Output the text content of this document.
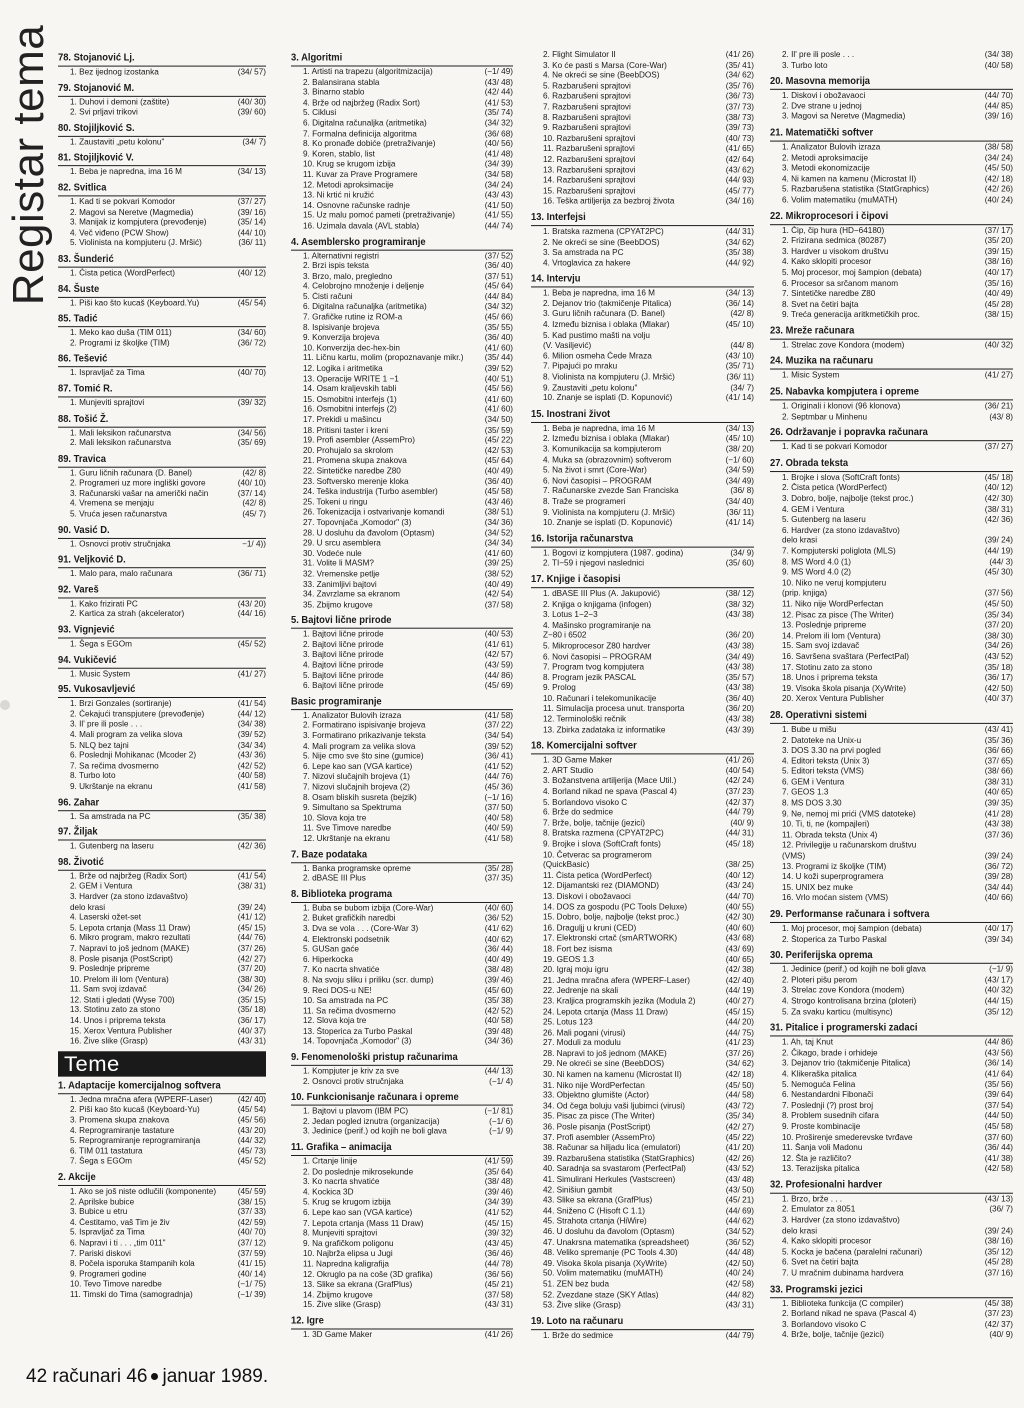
Registar tema 78. Stojanović Lj.
1. Bez ijednog izostanka	(34/ 57)
79. Stojanović M.
1. Duhovi i demoni (zaštite)	(40/ 30)
2. Svi prljavi trikovi	(39/ 60)
80. Stojiljković S.
1. Zaustaviti „petu kolonu"	(34/ 7)
81. Stojiljković V.
1. Beba je napredna, ima 16 M	(34/ 13)
82. Svitlica
1. Kad ti se pokvari Komodor	(37/ 27)
2. Magovi sa Neretve (Magmedia)	(39/ 16)
3. Manijak iz kompjutera (prevođenje)	(35/ 14)
4. Več viđeno (PCW Show)	(44/ 10)
5. Violinista na kompjuteru (J. Mršić)	(36/ 11)
83. Šunderić
1. Čista petica (WordPerfect)	(40/ 12)
84. Šuste
1. Piši kao što kucaš (Keyboard.Yu)	(45/ 54)
85. Tadić
1. Meko kao duša (TIM 011)	(34/ 60)
2. Programi iz školjke (TIM)	(36/ 72)
86. Tešević
1. Ispravljač za Tima	(40/ 70)
87. Tomić R.
1. Munjeviti sprajtovi	(39/ 32)
88. Tošić Ž.
1. Mali leksikon računarstva	(34/ 56)
2. Mali leksikon računarstva	(35/ 69)
89. Travica
1. Guru ličnih računara (D. Banel)	(42/ 8)
2. Programeri uz more ingliški govore	(40/ 10)
3. Računarski vašar na američki način	(37/ 14)
4. Vremena se menjaju	(42/ 8)
5. Vruća jesen računarstva	(45/ 7)
90. Vasić D.
1. Osnovci protiv stručnjaka	−1/ 4))
91. Veljković D.
1. Malo para, malo računara	(36/ 71)
92. Vareš
1. Kako frizirati PC	(43/ 20)
2. Kartica za strah (akcelerator)	(44/ 16)
93. Vignjević
1. Šega s EGOm	(45/ 52)
94. Vukičević
1. Music System	(41/ 27)
95. Vukosavljević
1. Brzi Gonzales (sortiranje)	(41/ 54)
2. Čekajući transpjutere (prevođenje)	(44/ 12)
3. Il' pre ili posle . . .	(34/ 38)
4. Mali program za velika slova	(39/ 52)
5. NLQ bez tajni	(34/ 34)
6. Poslednji Mohikanac (Mcoder 2)	(43/ 36)
7. Sa rečima dvosmerno	(42/ 52)
8. Turbo loto	(40/ 58)
9. Ukrštanje na ekranu	(41/ 58)
96. Zahar
1. Sa amstrada na PC	(35/ 38)
97. Žiljak
1. Gutenberg na laseru	(42/ 36)
98. Životić
1. Brže od najbržeg (Radix Sort)	(41/ 54)
2. GEM i Ventura	(38/ 31)
3. Hardver (za stono izdavaštvo)
delo krasi	(39/ 24)
4. Laserski ožet-set	(41/ 12)
5. Lepota crtanja (Mass 11 Draw)	(45/ 15)
6. Mikro program, makro rezultati	(44/ 76)
7. Napravi to još jednom (MAKE)	(37/ 26)
8. Posle pisanja (PostScript)	(42/ 27)
9. Poslednje pripreme	(37/ 20)
10. Prelom ili lom (Ventura)	(38/ 30)
11. Sam svoj izdavač	(34/ 26)
12. Stati i gledati (Wyse 700)	(35/ 15)
13. Stotinu zato za stono	(35/ 18)
14. Unos i priprema teksta	(36/ 17)
15. Xerox Ventura Publisher	(40/ 37)
16. Žive slike (Grasp)	(43/ 31)
Teme
1. Adaptacije komercijalnog softvera
1. Jedna mračna afera (WPERF-Laser)	(42/ 40)
2. Piši kao što kucaš (Keyboard-Yu)	(45/ 54)
3. Promena skupa znakova	(45/ 56)
4. Reprogramiranje tastature	(43/ 20)
5. Reprogramiranje reprogramiranja	(44/ 32)
6. TIM 011 tastatura	(45/ 73)
7. Šega s EGOm	(45/ 52)
2. Akcije
1. Ako se još niste odlučili (komponente)	(45/ 59)
2. Aprilske bubice	(38/ 15)
3. Bubice u etru	(37/ 33)
4. Čestitamo, vaš Tim je živ	(42/ 59)
5. Ispravljač za Tima	(40/ 70)
6. Napravi i ti . . . „tim 011"	(37/ 12)
7. Pariski diskovi	(37/ 59)
8. Počela isporuka štampanih kola	(41/ 15)
9. Programeri godine	(40/ 14)
10. Tevo Timove naredbe	(−1/ 75)
11. Timski do Tima (samogradnja)	(−1/ 39)
3. Algoritmi
1. Artisti na trapezu (algoritmizacija)	(−1/ 49)
2. Balansirana stabla	(43/ 48)
3. Binarno stablo	(42/ 44)
4. Brže od najbržeg (Radix Sort)	(41/ 53)
5. Ciklusi	(35/ 74)
6. Digitalna računaljka (aritmetika)	(34/ 32)
7. Formalna definicija algoritma	(36/ 68)
8. Ko pronađe dobiće (pretraživanje)	(40/ 56)
9. Koren, stablo, list	(41/ 48)
10. Krug se krugom izbija	(34/ 39)
11. Kuvar za Prave Programere	(34/ 58)
12. Metodi aproksimacije	(34/ 24)
13. Ni krtić ni kružić	(43/ 43)
14. Osnovne računske radnje	(41/ 50)
15. Uz malu pomoć pameti (pretraživanje)	(41/ 55)
16. Uzimala davala (AVL stabla)	(44/ 74)
4. Asemblersko programiranje
1. Alternativni registri	(37/ 52)
2. Brzi ispis teksta	(36/ 40)
3. Brzo, malo, pregledno	(37/ 51)
4. Celobrojno množenje i deljenje	(45/ 64)
5. Čisti računi	(44/ 84)
6. Digitalna računaljka (aritmetika)	(34/ 32)
7. Grafičke rutine iz ROM-a	(45/ 66)
8. Ispisivanje brojeva	(35/ 55)
9. Konverzija brojeva	(36/ 40)
10. Konverzija dec-hex-bin	(41/ 60)
11. Ličnu kartu, molim (propoznavanje mikr.)	(35/ 44)
12. Logika i aritmetika	(39/ 52)
13. Operacije WRITE 1 −1	(40/ 51)
14. Osam kraljevskih tabli	(45/ 56)
15. Osmobitni interfejs (1)	(41/ 60)
16. Osmobitni interfejs (2)	(41/ 60)
17. Prekidi u mašincu	(34/ 50)
18. Pritisni taster i kreni	(35/ 59)
19. Profi asembler (AssemPro)	(45/ 22)
20. Prohujalo sa skrolom	(42/ 53)
21. Promena skupa znakova	(45/ 64)
22. Sintetičke naredbe Z80	(40/ 49)
23. Softversko merenje kloka	(36/ 40)
24. Teška industrija (Turbo asembler)	(45/ 58)
25. Tokeni u ringu	(43/ 46)
26. Tokenizacija i ostvarivanje komandi	(38/ 51)
27. Topovnjača „Komodor" (3)	(34/ 36)
28. U dosluhu da đavolom (Optasm)	(34/ 52)
29. U srcu asemblera	(34/ 34)
30. Vodeće nule	(41/ 60)
31. Volite li MASM?	(39/ 25)
32. Vremenske petlje	(38/ 52)
33. Zanimljivi bajtovi	(40/ 49)
34. Zavrzlame sa ekranom	(42/ 54)
35. Zbijmo krugove	(37/ 58)
5. Bajtovi lične prirode
1. Bajtovi lične prirode	(40/ 53)
2. Bajtovi lične prirode	(41/ 61)
3. Bajtovi lične prirode	(42/ 57)
4. Bajtovi lične prirode	(43/ 59)
5. Bajtovi lične prirode	(44/ 86)
6. Bajtovi lične prirode	(45/ 69)
Basic programiranje
1. Analizator Bulovih izraza	(41/ 58)
2. Formatirano ispisivanje brojeva	(37/ 22)
3. Formatirano prikazivanje teksta	(34/ 54)
4. Mali program za velika slova	(39/ 52)
5. Nije cmo sve što sine (gumice)	(36/ 41)
6. Lepe kao san (VGA kartice)	(41/ 52)
7. Nizovi slučajnih brojeva (1)	(44/ 76)
7. Nizovi slučajnih brojeva (2)	(45/ 36)
8. Osam bliskih susreta (bejzik)	(−1/ 16)
9. Simultano sa Spektruma	(37/ 50)
10. Slova koja tre	(40/ 58)
11. Sve Timove naredbe	(40/ 59)
12. Ukrštanje na ekranu	(41/ 58)
7. Baze podataka
1. Banka programske opreme	(35/ 28)
2. dBASE III Plus	(37/ 35)
8. Biblioteka programa
1. Buba se bubom izbija (Core-War)	(40/ 60)
2. Buket grafičkih naredbi	(36/ 52)
3. Dva se vola . . . (Core-War 3)	(41/ 62)
4. Elektronski podsetnik	(40/ 62)
5. GUSan gaće	(36/ 44)
6. Hiperkocka	(40/ 49)
7. Ko nacrta shvatiće	(38/ 48)
8. Na svoju sliku i priliku (scr. dump)	(39/ 46)
9. Reci DOS-u NE!	(45/ 60)
10. Sa amstrada na PC	(35/ 38)
11. Sa rečima dvosmerno	(42/ 52)
12. Slova koja tre	(40/ 58)
13. Štoperica za Turbo Paskal	(39/ 48)
14. Topovnjača „Komodor" (3)	(34/ 36)
9. Fenomenološki pristup računarima
1. Kompjuter je kriv za sve	(44/ 13)
2. Osnovci protiv stručnjaka	(−1/ 4)
10. Funkcionisanje računara i opreme
1. Bajtovi u plavom (IBM PC)	(−1/ 81)
2. Jedan pogled iznutra (organizacija)	(−1/ 6)
3. Jedinice (perif.) od kojih ne boli glava	(−1/ 9)
11. Grafika – animacija
1. Crtanje linije	(41/ 59)
2. Do poslednje mikrosekunde	(35/ 64)
3. Ko nacrta shvatiće	(38/ 48)
4. Kockica 3D	(39/ 46)
5. Krug se krugom izbija	(34/ 39)
6. Lepe kao san (VGA kartice)	(41/ 52)
7. Lepota crtanja (Mass 11 Draw)	(45/ 15)
8. Munjeviti sprajtovi	(39/ 32)
9. Na grafičkom poligonu	(43/ 45)
10. Najbrža elipsa u Jugi	(36/ 46)
11. Napredna kaligrafija	(44/ 78)
12. Okruglo pa na coše (3D grafika)	(36/ 56)
13. Slike sa ekrana (GrafPlus)	(45/ 21)
14. Zbijmo krugove	(37/ 58)
15. Žive slike (Grasp)	(43/ 31)
12. Igre
1. 3D Game Maker	(41/ 26)
2. Flight Simulator II	(41/ 26)
3. Ko će pasti s Marsa (Core-War)	(35/ 41)
4. Ne okreći se sine (BeebDOS)	(34/ 62)
5. Razbarušeni sprajtovi	(35/ 76)
6. Razbarušeni sprajtovi	(36/ 73)
7. Razbarušeni sprajtovi	(37/ 73)
8. Razbarušeni sprajtovi	(38/ 73)
9. Razbarušeni sprajtovi	(39/ 73)
10. Razbarušeni sprajtovi	(40/ 73)
11. Razbarušeni sprajtovi	(41/ 65)
12. Razbarušeni sprajtovi	(42/ 64)
13. Razbarušeni sprajtovi	(43/ 62)
14. Razbarušeni sprajtovi	(44/ 93)
15. Razbarušeni sprajtovi	(45/ 77)
16. Teška artiljerija za bezbroj života	(34/ 16)
13. Interfejsi
1. Bratska razmena (CPYAT2PC)	(44/ 31)
2. Ne okreći se sine (BeebDOS)	(34/ 62)
3. Sa amstrada na PC	(35/ 38)
4. Vrtoglavica za hakere	(44/ 92)
14. Intervju
1. Beba je napredna, ima 16 M	(34/ 13)
2. Dejanov trio (takmičenje Pitalica)	(36/ 14)
3. Guru ličnih računara (D. Banel)	(42/ 8)
4. Između biznisa i oblaka (Mlakar)	(45/ 10)
5. Kad pustimo mašti na volju
(V. Vasiljević)	(44/ 8)
6. Milion osmeha Čede Mraza	(43/ 10)
7. Pipajući po mraku	(35/ 71)
8. Violinista na kompjuteru (J. Mršić)	(36/ 11)
9. Zaustaviti „petu kolonu"	(34/ 7)
10. Znanje se isplati (D. Kopunović)	(41/ 14)
15. Inostrani život
1. Beba je napredna, ima 16 M	(34/ 13)
2. Između biznisa i oblaka (Mlakar)	(45/ 10)
3. Komunikacija sa kompjuterom	(38/ 20)
4. Muka sa (obrazovnim) softverom	(−1/ 60)
5. Na život i smrt (Core-War)	(34/ 59)
6. Novi časopisi – PROGRAM	(34/ 49)
7. Računarske zvezde San Franciska	(36/ 8)
8. Traže se programeri	(34/ 40)
9. Violinista na kompjuteru (J. Mršić)	(36/ 11)
10. Znanje se isplati (D. Kopunović)	(41/ 14)
16. Istorija računarstva
1. Bogovi iz kompjutera (1987. godina)	(34/ 9)
2. TI−59 i njegovi naslednici	(35/ 60)
17. Knjige i časopisi
1. dBASE III Plus (A. Jakupović)	(38/ 12)
2. Knjiga o knjigama (infogen)	(38/ 32)
3. Lotus 1−2−3	(43/ 38)
4. Mašinsko programiranje na
Z−80 i 6502	(36/ 20)
5. Mikroprocesor Z80 hardver	(43/ 38)
6. Novi časopisi – PROGRAM	(34/ 49)
7. Program tvog kompjutera	(43/ 38)
8. Program jezik PASCAL	(35/ 57)
9. Prolog	(43/ 38)
10. Računari i telekomunikacije	(36/ 40)
11. Simulacija procesa unut. transporta	(36/ 20)
12. Terminološki rečnik	(43/ 38)
13. Zbirka zadataka iz informatike	(43/ 39)
18. Komercijalni softver
1. 3D Game Maker	(41/ 26)
2. ART Studio	(40/ 54)
3. Božanstvena artiljerija (Mace Util.)	(42/ 24)
4. Borland nikad ne spava (Pascal 4)	(37/ 23)
5. Borlandovo visoko C	(42/ 37)
6. Brže do sedmice	(44/ 79)
7. Brže, bolje, tačnije (jezici)	(40/ 9)
8. Bratska razmena (CPYAT2PC)	(44/ 31)
9. Brojke i slova (SoftCraft fonts)	(45/ 18)
10. Četverac sa programerom
(QuickBasic)	(38/ 25)
11. Čista petica (WordPerfect)	(40/ 12)
12. Dijamantski rez (DIAMOND)	(43/ 24)
13. Diskovi i obožavaoci	(44/ 70)
14. DOS za gospodu (PC Tools Deluxe)	(40/ 55)
15. Dobro, bolje, najbolje (tekst proc.)	(42/ 30)
16. Draguljj u kruni (CED)	(40/ 60)
17. Elektronski crtač (smARTWORK)	(43/ 68)
18. Fort bez isisma	(43/ 69)
19. GEOS 1.3	(40/ 65)
20. Igraj moju igru	(42/ 38)
21. Jedna mračna afera (WPERF-Laser)	(42/ 40)
22. Jedrenje na skali	(44/ 19)
23. Kraljica programskih jezika (Modula 2)	(40/ 27)
24. Lepota crtanja (Mass 11 Draw)	(45/ 15)
25. Lotus 123	(44/ 20)
26. Mali pogani (virusi)	(44/ 75)
27. Moduli za modulu	(41/ 23)
28. Napravi to još jednom (MAKE)	(37/ 26)
29. Ne okreći se sine (BeebDOS)	(34/ 62)
30. Ni kamen na kamenu (Microstat II)	(42/ 18)
31. Niko nije WordPerfectan	(45/ 50)
33. Objektno glumište (Actor)	(44/ 58)
34. Od čega boluju vaši ljubimci (virusi)	(43/ 72)
35. Pisac za pisce (The Writer)	(35/ 34)
36. Posle pisanja (PostScript)	(42/ 27)
37. Profi asembler (AssemPro)	(45/ 22)
38. Računar sa hiljadu lica (emulatori)	(41/ 20)
39. Razbarušena statistika (StatGraphics)	(42/ 26)
40. Saradnja sa svastarom (PerfectPal)	(43/ 52)
41. Simulirani Herkules (Vastscreen)	(43/ 48)
42. Sinišiun gambit	(43/ 50)
43. Slike sa ekrana (GrafPlus)	(45/ 21)
44. Sniženo C (Hisoft C 1.1)	(44/ 69)
45. Strahota crtanja (HiWire)	(44/ 62)
46. U dosluhu da đavolom (Optasm)	(34/ 52)
47. Unakrsna matematika (spreadsheet)	(36/ 52)
48. Veliko spremanje (PC Tools 4.30)	(44/ 48)
49. Visoka škola pisanja (XyWrite)	(42/ 50)
50. Volim matematiku (muMATH)	(40/ 24)
51. ZEN bez buda	(42/ 58)
52. Zvezdane staze (SKY Atlas)	(44/ 82)
53. Žive slike (Grasp)	(43/ 31)
19. Loto na računaru
1. Brže do sedmice	(44/ 79)
2. Il' pre ili posle . . .	(34/ 38)
3. Turbo loto	(40/ 58)
20. Masovna memorija
1. Diskovi i obožavaoci	(44/ 70)
2. Dve strane u jednoj	(44/ 85)
3. Magovi sa Neretve (Magmedia)	(39/ 16)
21. Matematički softver
1. Analizator Bulovih izraza	(38/ 58)
2. Metodi aproksimacije	(34/ 24)
3. Metodi ekonomizacije	(45/ 50)
4. Ni kamen na kamenu (Microstat II)	(42/ 18)
5. Razbarušena statistika (StatGraphics)	(42/ 26)
6. Volim matematiku (muMATH)	(40/ 24)
22. Mikroprocesori i čipovi
1. Čip, čip hura (HD−64180)	(37/ 17)
2. Frizirana sedmica (80287)	(35/ 20)
3. Hardver u visokom društvu	(39/ 15)
4. Kako sklopiti procesor	(38/ 16)
5. Moj procesor, moj šampion (debata)	(40/ 17)
6. Procesor sa srčanom manom	(35/ 16)
7. Sintetičke naredbe Z80	(40/ 49)
8. Svet na četiri bajta	(45/ 28)
9. Treća generacija aritkmetičkih proc.	(38/ 15)
23. Mreže računara
1. Strelac zove Kondora (modem)	(40/ 32)
24. Muzika na računaru
1. Misic System	(41/ 27)
25. Nabavka kompjutera i opreme
1. Originali i klonovi (96 klonova)	(36/ 21)
2. Septmbar u Minhenu	(43/ 8)
26. Održavanje i popravka računara
1. Kad ti se pokvari Komodor	(37/ 27)
27. Obrada teksta
1. Brojke i slova (SoftCraft fonts)	(45/ 18)
2. Čista petica (WordPerfect)	(40/ 12)
3. Dobro, bolje, najbolje (tekst proc.)	(42/ 30)
4. GEM i Ventura	(38/ 31)
5. Gutenberg na laseru	(42/ 36)
6. Hardver (za stono izdavaštvo)
delo krasi	(39/ 24)
7. Kompjuterski poliglota (MLS)	(44/ 19)
8. MS Word 4.0 (1)	(44/ 3)
9. MS Word 4.0 (2)	(45/ 30)
10. Niko ne veruj kompjuteru
(prip. knjiga)	(37/ 56)
11. Niko nije WordPerfectan	(45/ 50)
12. Pisac za pisce (The Writer)	(35/ 34)
13. Poslednje pripreme	(37/ 20)
14. Prelom ili lom (Ventura)	(38/ 30)
15. Sam svoj izdavač	(34/ 26)
16. Savršena svaštara (PerfectPal)	(43/ 52)
17. Stotinu zato za stono	(35/ 18)
18. Unos i priprema teksta	(36/ 17)
19. Visoka škola pisanja (XyWrite)	(42/ 50)
20. Xerox Ventura Publisher	(40/ 37)
28. Operativni sistemi
1. Bube u mišu	(43/ 41)
2. Datoteke na Unix-u	(35/ 36)
3. DOS 3.30 na prvi pogled	(36/ 66)
4. Editori teksta (Unix 3)	(37/ 65)
5. Editori teksta (VMS)	(38/ 66)
6. GEM i Ventura	(38/ 31)
7. GEOS 1.3	(40/ 65)
8. MS DOS 3.30	(39/ 35)
9. Ne, nemoj mi prići (VMS datoteke)	(41/ 28)
10. Ti, ti, ne (kompajleri)	(43/ 38)
11. Obrada teksta (Unix 4)	(37/ 36)
12. Privilegije u računarskom društvu
(VMS)	(39/ 24)
13. Programi iz školjke (TIM)	(36/ 72)
14. U koži superprogramera	(39/ 28)
15. UNIX bez muke	(34/ 44)
16. Vrlo moćan sistem (VMS)	(40/ 66)
29. Performanse računara i softvera
1. Moj procesor, moj šampion (debata)	(40/ 17)
2. Štoperica za Turbo Paskal	(39/ 34)
30. Periferijska oprema
1. Jedinice (perif.) od kojih ne boli glava	(−1/ 9)
2. Ploteri pišu perom	(43/ 17)
3. Strelac zove Kondora (modem)	(40/ 32)
4. Strogo kontrolisana brzina (ploteri)	(44/ 15)
5. Za svaku karticu (multisync)	(35/ 12)
31. Pitalice i programerski zadaci
1. Ah, taj Knut	(44/ 86)
2. Čikago, brade i orhideje	(43/ 56)
3. Dejanov trio (takmičenje Pitalica)	(36/ 14)
4. Klikeraška pitalica	(41/ 64)
5. Nemoguća Felina	(35/ 56)
6. Nestandardni Fibonači	(39/ 64)
7. Poslednji (?) prost broj	(37/ 54)
8. Problem susednih cifara	(44/ 50)
9. Proste kombinacije	(45/ 58)
10. Proširenje smederevske tvrđave	(37/ 60)
11. Šanja voli Madonu	(36/ 44)
12. Šta je različito?	(41/ 38)
13. Terazijska pitalica	(42/ 58)
32. Profesionalni hardver
1. Brzo, brže . . .	(43/ 13)
2. Emulator za 8051	(36/ 7)
3. Hardver (za stono izdavaštvo)
delo krasi	(39/ 24)
4. Kako sklopiti procesor	(38/ 16)
5. Kocka je bačena (paralelni računari)	(35/ 12)
6. Svet na četiri bajta	(45/ 28)
7. U mračnim dubinama hardvera	(37/ 16)
33. Programski jezici
1. Biblioteka funkcija (C compiler)	(45/ 38)
2. Borland nikad ne spava (PascaI 4)	(37/ 23)
3. Borlandovo visoko C	(42/ 37)
4. Brže, bolje, tačnije (jezici)	(40/ 9)
42 računari 46 januar 1989.
